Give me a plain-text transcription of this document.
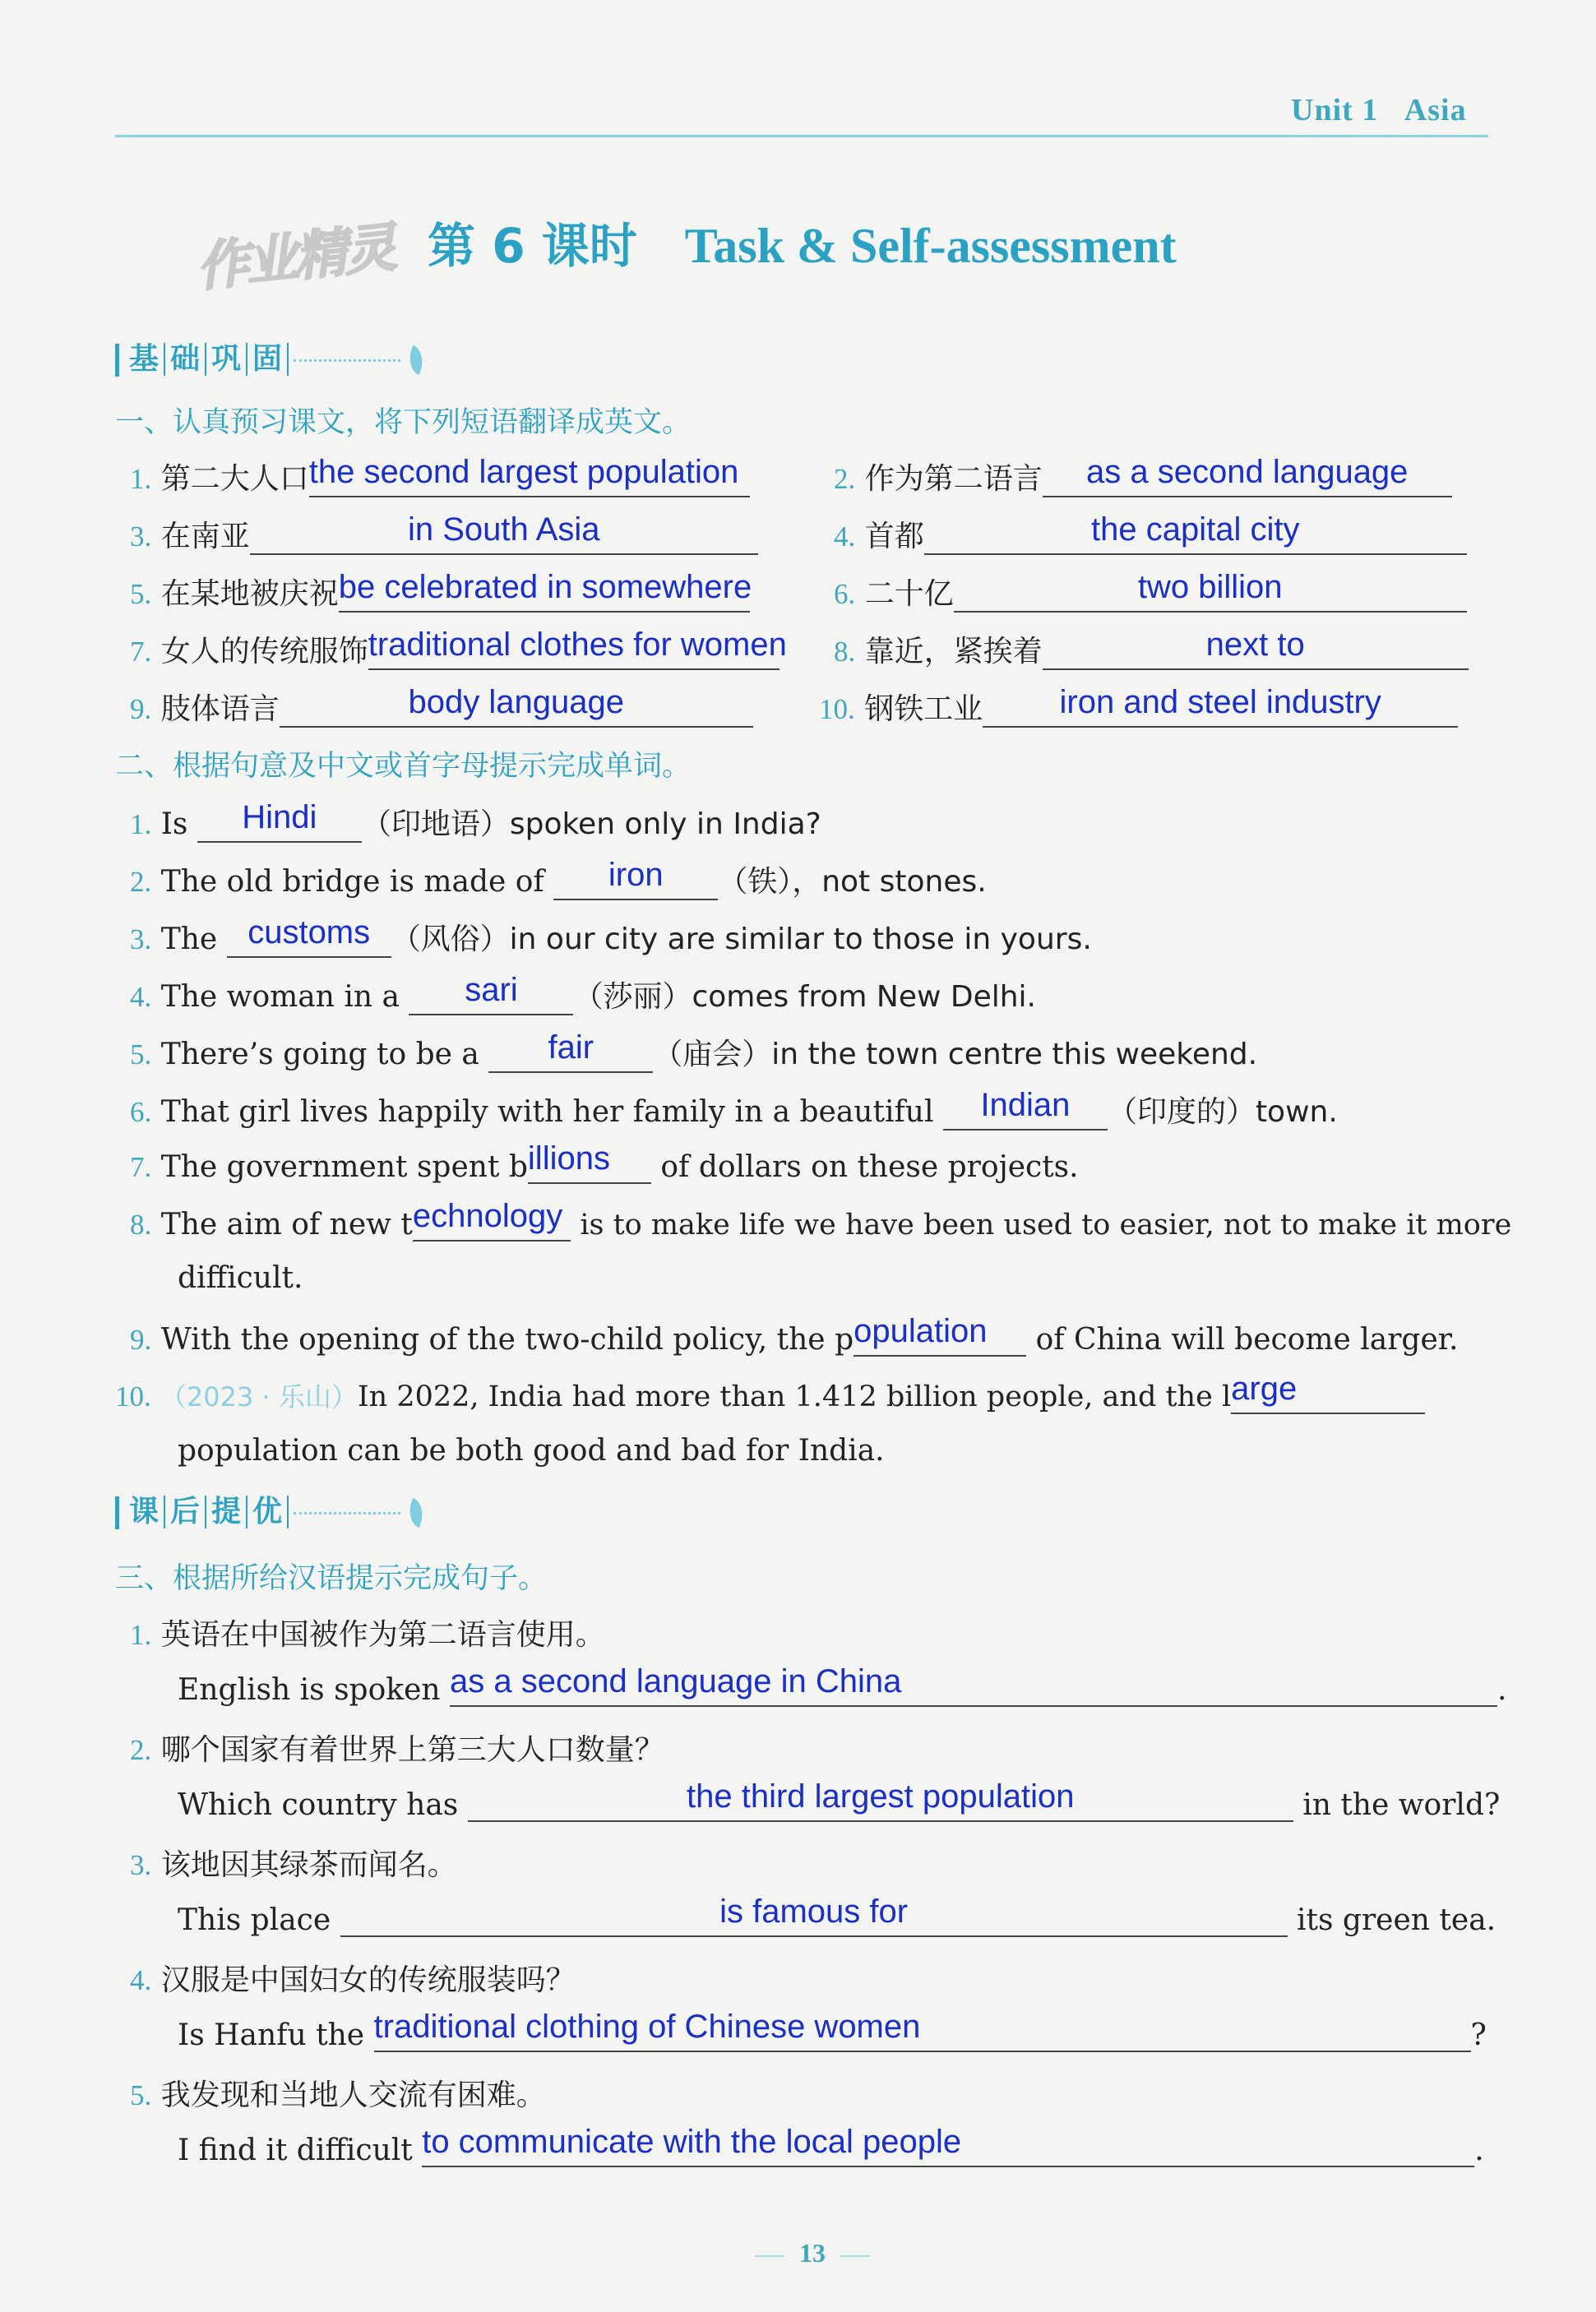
Unit 1 Asia
作业精灵 第 6 课时 Task & Self-assessment
基 础 巩 固
一、认真预习课文，将下列短语翻译成英文。
1. 第二大人口 the second largest population	2. 作为第二语言	as a second language
3. 在南亚	in South Asia	4. 首都	the capital city
5. 在某地被庆祝 be celebrated in somewhere	6. 二十亿	two billion
7. 女人的传统服饰 traditional clothes for women 8. 靠近，紧挨着	next to
9. 肢体语言	body language	10. 钢铁工业	iron and steel industry
二、根据句意及中文或首字母提示完成单词。
1. Is	Hindi	（印地语）spoken only in India?
2. The old bridge is made of	iron	（铁），not stones.
3. The customs （风俗）in our city are similar to those in yours.
4. The woman in a	sari	（莎丽）comes from New Delhi.
5. There’s going to be a	fair	（庙会）in the town centre this weekend.
6. That girl lives happily with her family in a beautiful	Indian	（印度的）town.
7. The government spent b illions	of dollars on these projects.
8. The aim of new t echnology is to make life we have been used to easier, not to make it more
difficult.
9. With the opening of the two-child policy, the p opulation	of China will become larger.
10. （2023 · 乐山）In 2022, India had more than 1.412 billion people, and the l arge
population can be both good and bad for India.
课 后 提 优
三、根据所给汉语提示完成句子。
1. 英语在中国被作为第二语言使用。
English is spoken as a second language in China	.
2. 哪个国家有着世界上第三大人口数量？
Which country has	the third largest population	in the world?
3. 该地因其绿茶而闻名。
This place	is famous for	its green tea.
4. 汉服是中国妇女的传统服装吗？
Is Hanfu the traditional clothing of Chinese women	?
5. 我发现和当地人交流有困难。
I find it difficult to communicate with the local people	.
13
